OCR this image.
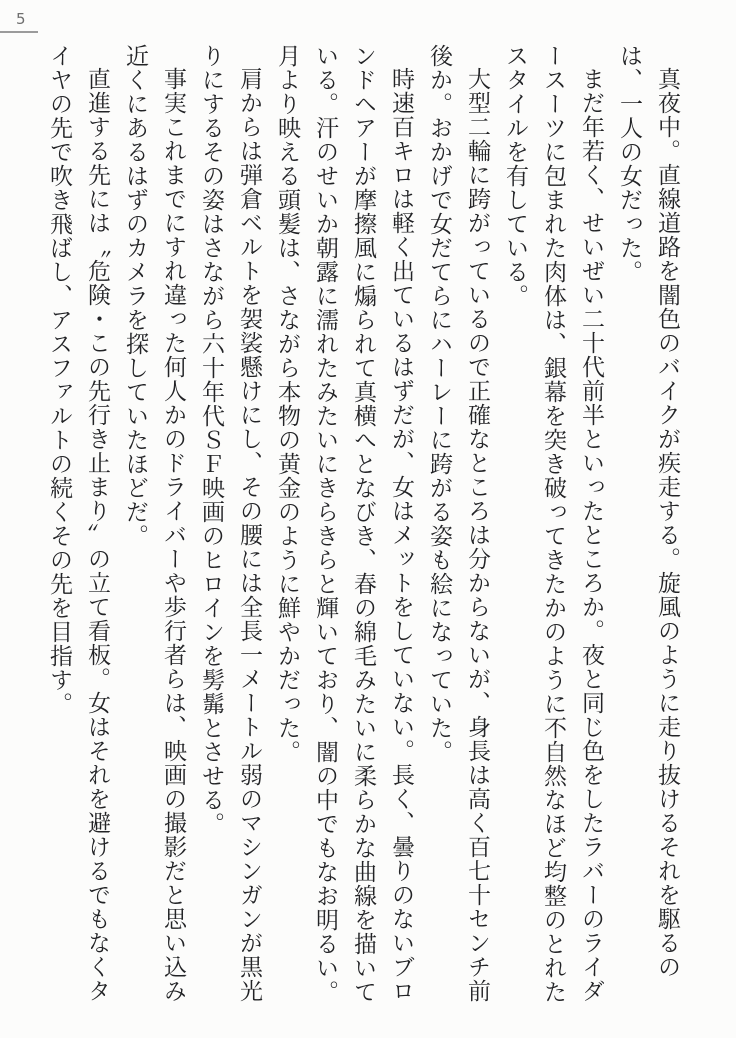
5

真夜中。直線道路を闇色のバイクが疾走する。旋風のように走り抜けるそれを駆るのは、一人の女だった。

まだ年若く、せいぜい二十代前半といったところか。夜と同じ色をしたラバーのライダースーツに包まれた肉体は、銀幕を突き破ってきたかのように不自然なほど均整のとれたスタイルを有している。

大型二輪に跨がっているので正確なところは分からないが、身長は高く百七十センチ前後か。おかげで女だてらにハーレーに跨がる姿も絵になっていた。

時速百キロは軽く出ているはずだが、女はメットをしていない。長く、曇りのないブロンドヘアーが摩擦風に煽られて真横へとなびき、春の綿毛みたいに柔らかな曲線を描いている。汗のせいか朝露に濡れたみたいにきらきらと輝いており、闇の中でもなお明るい。月より映える頭髪は、さながら本物の黄金のように鮮やかだった。

肩からは弾倉ベルトを袈裟懸けにし、その腰には全長一メートル弱のマシンガンが黒光りにするその姿はさながら六十年代ＳＦ映画のヒロインを髣髴とさせる。

事実これまでにすれ違った何人かのドライバーや歩行者らは、映画の撮影だと思い込み近くにあるはずのカメラを探していたほどだ。

直進する先には〝危険・この先行き止まり〟の立て看板。女はそれを避けるでもなくタイヤの先で吹き飛ばし、アスファルトの続くその先を目指す。
